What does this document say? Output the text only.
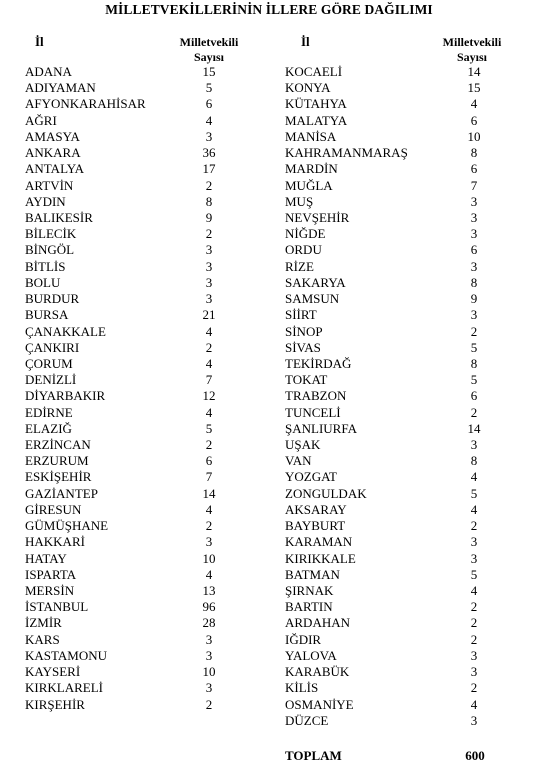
MİLLETVEKİLLERİNİN İLLERE GÖRE DAĞILIMI
İl	Milletvekili
Sayısı
İl	Milletvekili
Sayısı
ADANA	15
ADIYAMAN	5
AFYONKARAHİSAR	6
AĞRI	4
AMASYA	3
ANKARA	36
ANTALYA	17
ARTVİN	2
AYDIN	8
BALIKESİR	9
BİLECİK	2
BİNGÖL	3
BİTLİS	3
BOLU	3
BURDUR	3
BURSA	21
ÇANAKKALE	4
ÇANKIRI	2
ÇORUM	4
DENİZLİ	7
DİYARBAKIR	12
EDİRNE	4
ELAZIĞ	5
ERZİNCAN	2
ERZURUM	6
ESKİŞEHİR	7
GAZİANTEP	14
GİRESUN	4
GÜMÜŞHANE	2
HAKKARİ	3
HATAY	10
ISPARTA	4
MERSİN	13
İSTANBUL	96
İZMİR	28
KARS	3
KASTAMONU	3
KAYSERİ	10
KIRKLARELİ	3
KIRŞEHİR	2
KOCAELİ	14
KONYA	15
KÜTAHYA	4
MALATYA	6
MANİSA	10
KAHRAMANMARAŞ	8
MARDİN	6
MUĞLA	7
MUŞ	3
NEVŞEHİR	3
NİĞDE	3
ORDU	6
RİZE	3
SAKARYA	8
SAMSUN	9
SİİRT	3
SİNOP	2
SİVAS	5
TEKİRDAĞ	8
TOKAT	5
TRABZON	6
TUNCELİ	2
ŞANLIURFA	14
UŞAK	3
VAN	8
YOZGAT	4
ZONGULDAK	5
AKSARAY	4
BAYBURT	2
KARAMAN	3
KIRIKKALE	3
BATMAN	5
ŞIRNAK	4
BARTIN	2
ARDAHAN	2
IĞDIR	2
YALOVA	3
KARABÜK	3
KİLİS	2
OSMANİYE	4
DÜZCE	3
TOPLAM	600
